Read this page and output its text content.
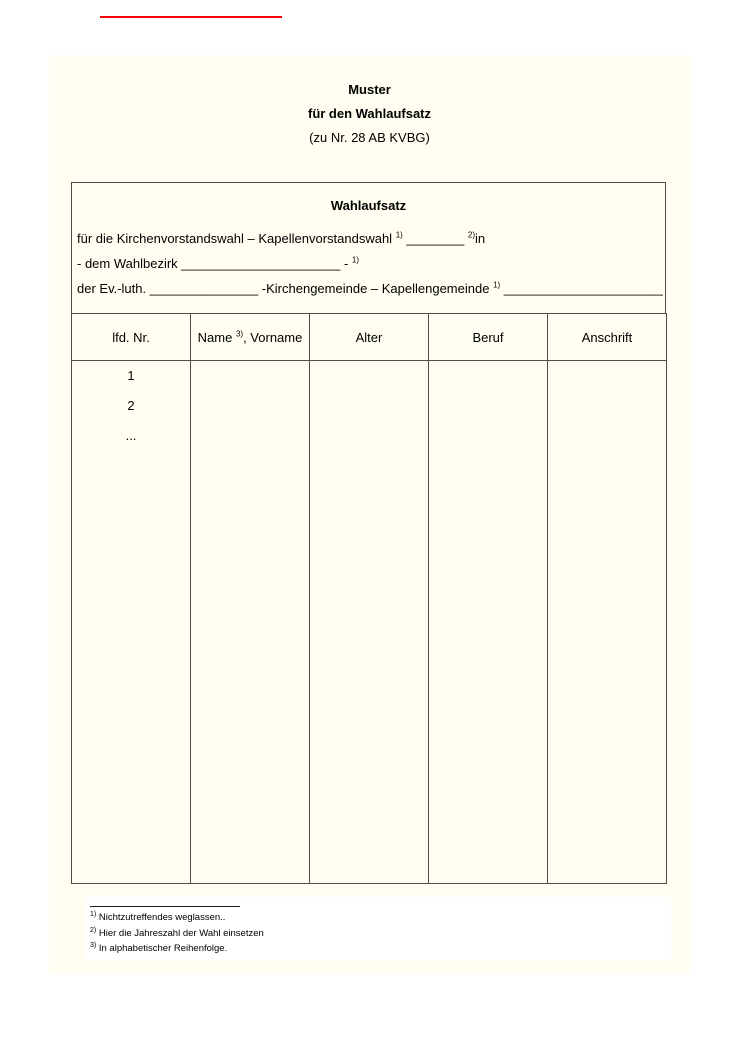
Muster
für den Wahlaufsatz
(zu Nr. 28 AB KVBG)
Wahlaufsatz
für die Kirchenvorstandswahl – Kapellenvorstandswahl $^{1)}$ ________ $^{2)}$in
- dem Wahlbezirk ______________________ - $^{1)}$
der Ev.-luth. _______________ -Kirchengemeinde – Kapellengemeinde $^{1)}$ ______________________
lfd. Nr.	Name $^{3)}$, Vorname	Alter	Beruf	Anschrift

1
2
...				

$^{1)}$ Nichtzutreffendes weglassen..
$^{2)}$ Hier die Jahreszahl der Wahl einsetzen
$^{3)}$ In alphabetischer Reihenfolge.
